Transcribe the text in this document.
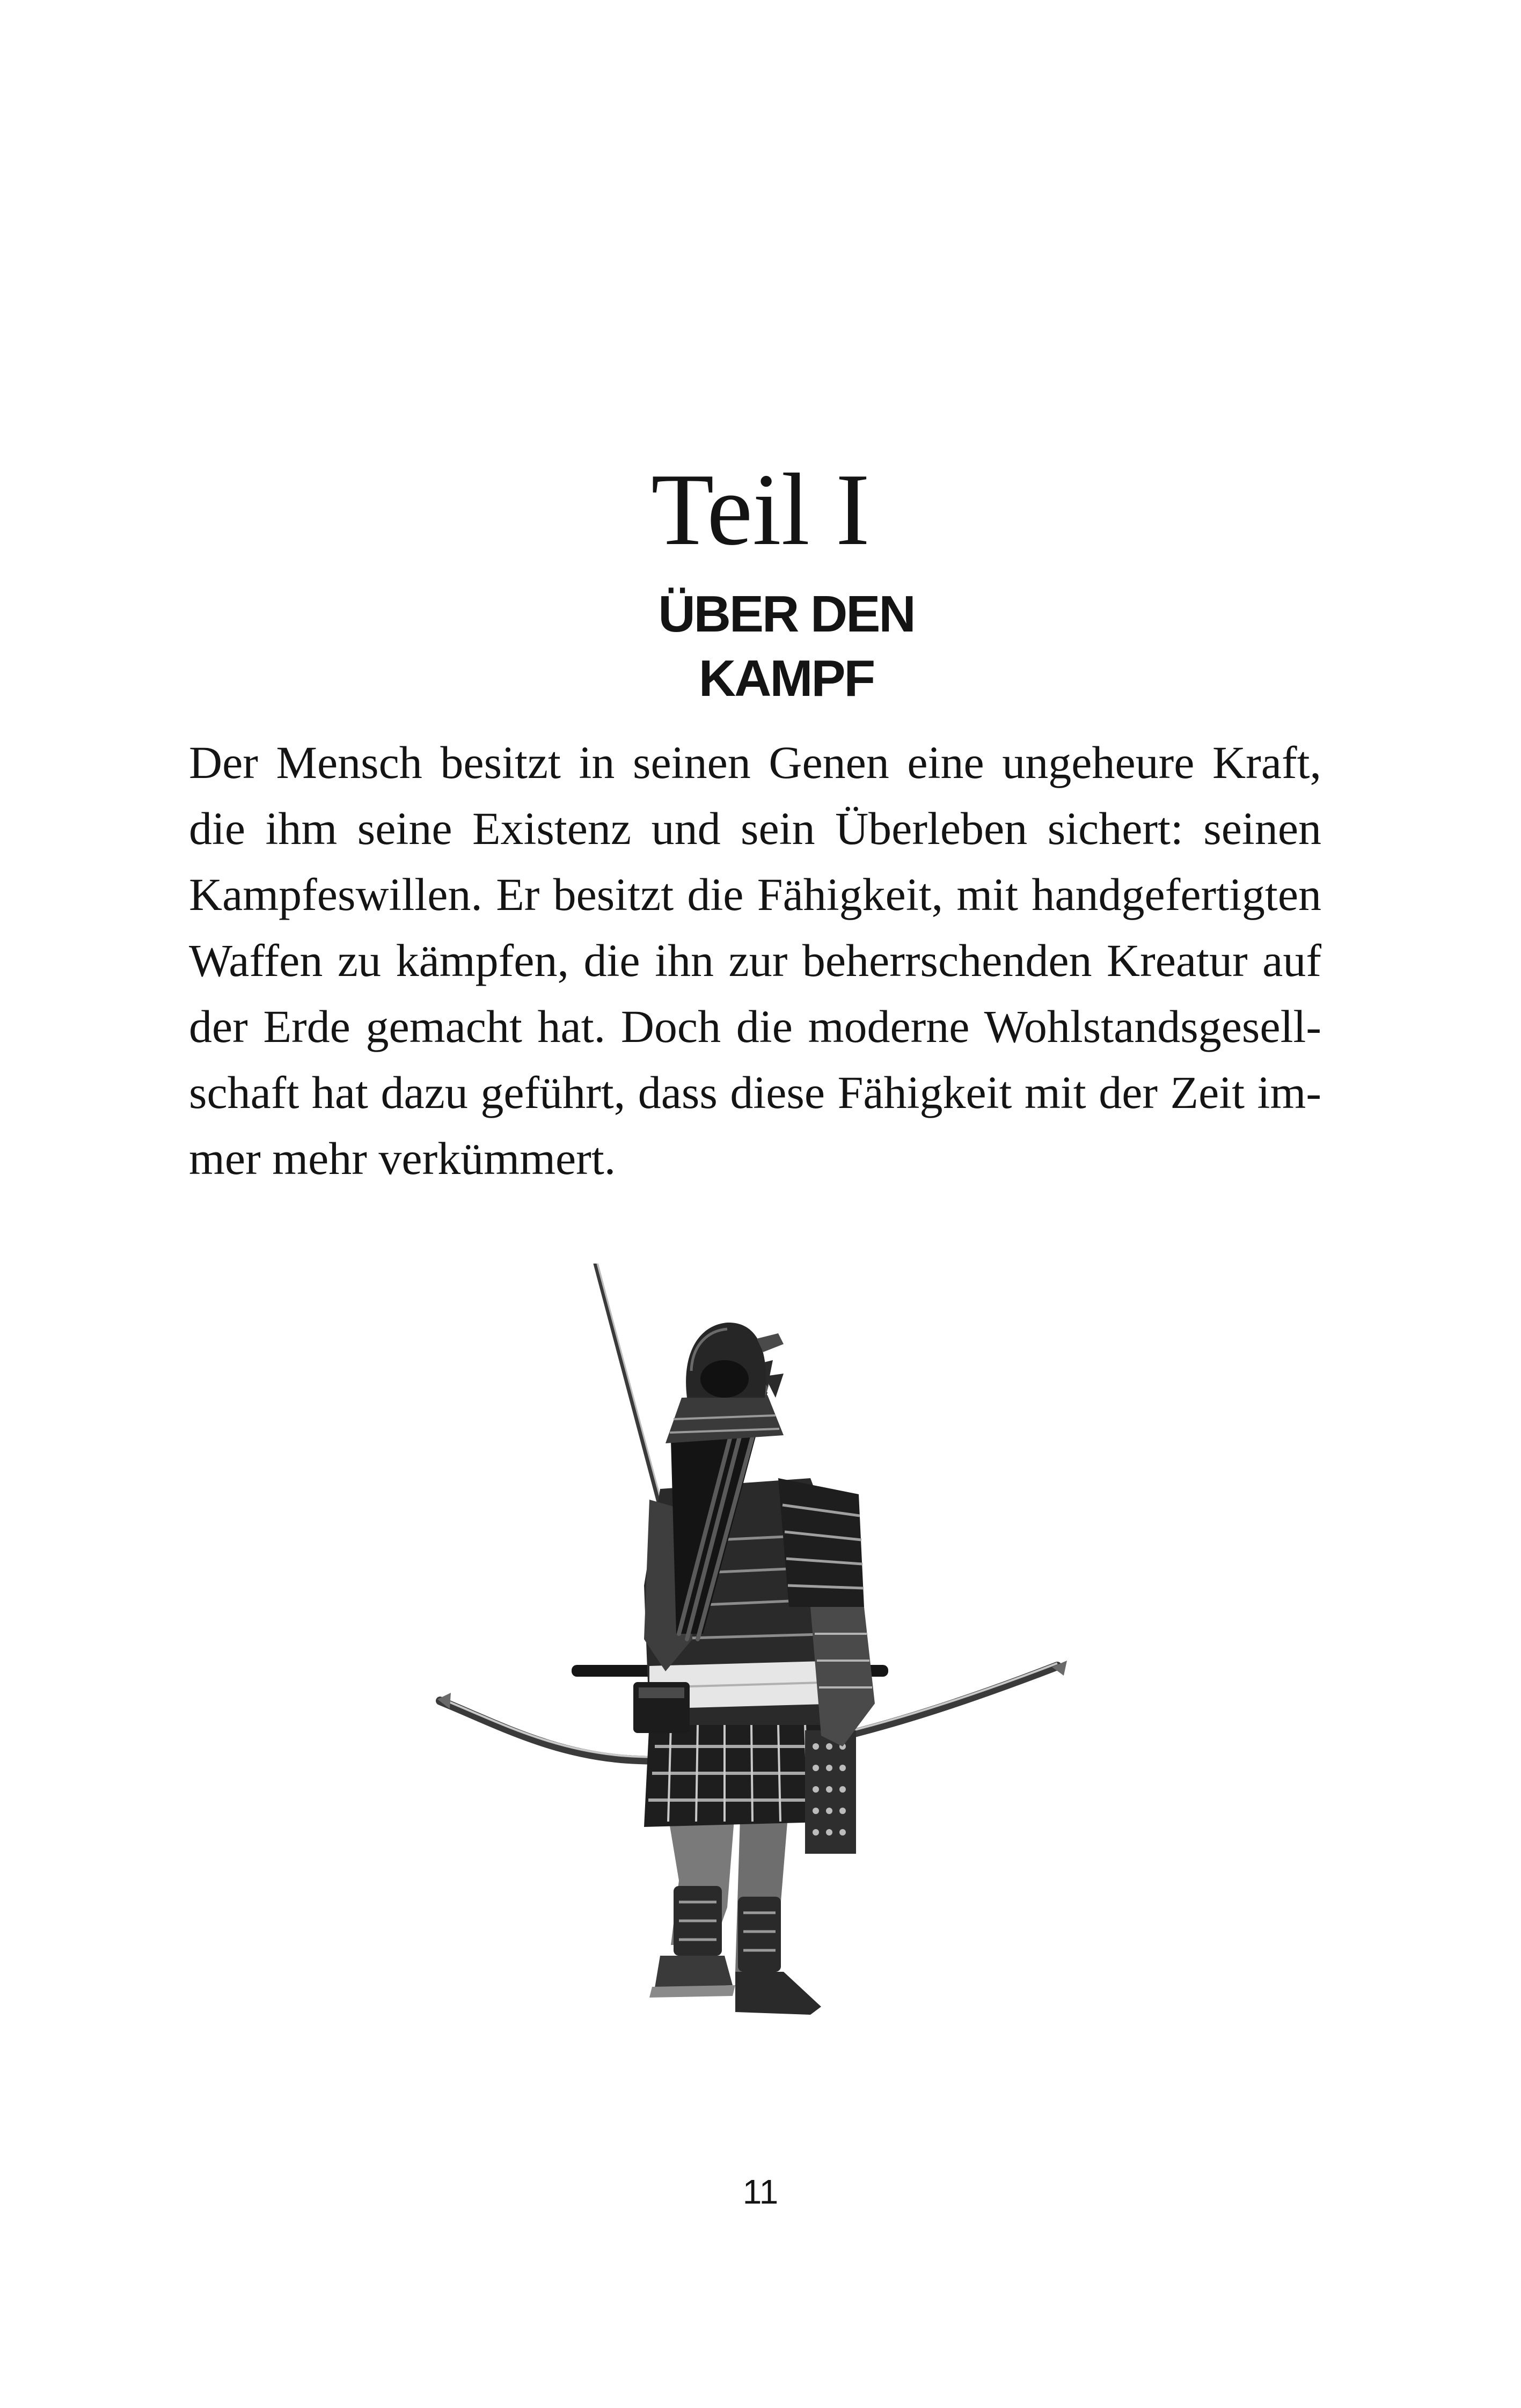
Teil I
ÜBER DEN KAMPF
Der Mensch besitzt in seinen Genen eine ungeheure Kraft,
die ihm seine Existenz und sein Überleben sichert: seinen
Kampfeswillen. Er besitzt die Fähigkeit, mit handgefertigten
Waffen zu kämpfen, die ihn zur beherrschenden Kreatur auf
der Erde gemacht hat. Doch die moderne Wohlstandsgesell-
schaft hat dazu geführt, dass diese Fähigkeit mit der Zeit im-
mer mehr verkümmert.
11
